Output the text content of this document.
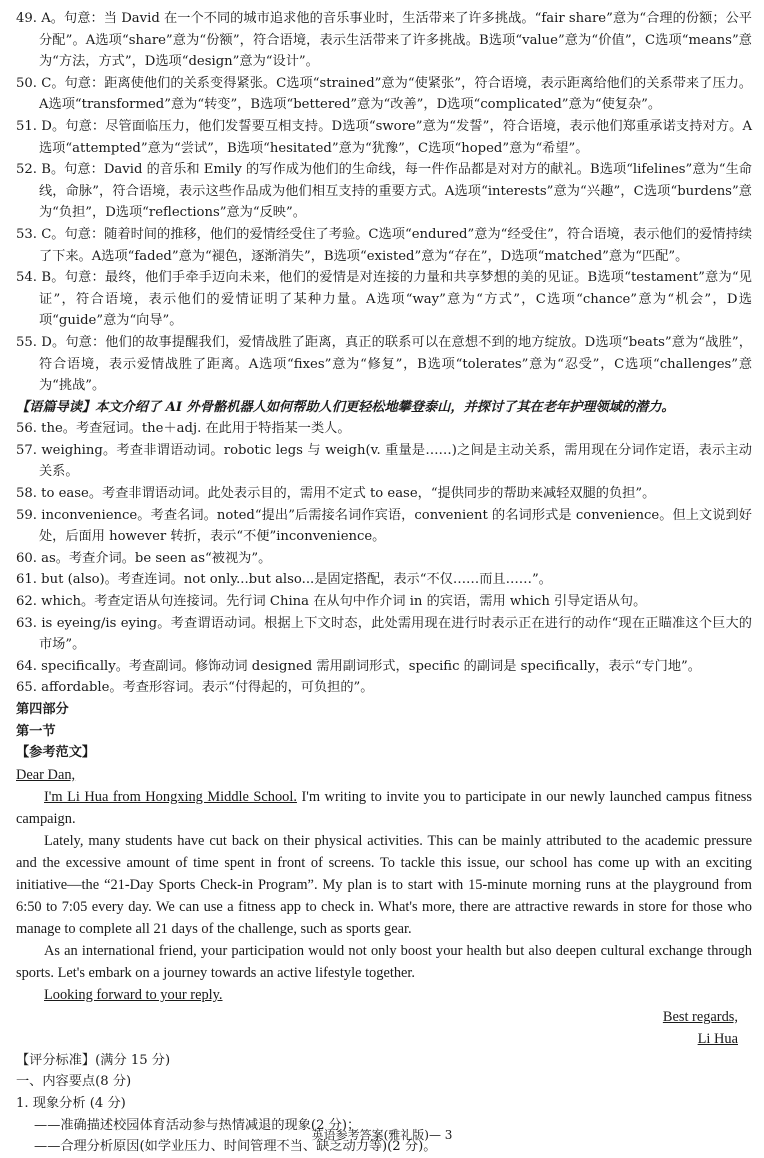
49. A。句意：当 David 在一个不同的城市追求他的音乐事业时，生活带来了许多挑战。“fair share”意为“合理的份额；公平分配”。A选项“share”意为“份额”，符合语境，表示生活带来了许多挑战。B选项“value”意为“价值”，C选项“means”意为“方法，方式”，D选项“design”意为“设计”。

50. C。句意：距离使他们的关系变得紧张。C选项“strained”意为“使紧张”，符合语境，表示距离给他们的关系带来了压力。A选项“transformed”意为“转变”，B选项“bettered”意为“改善”，D选项“complicated”意为“使复杂”。

51. D。句意：尽管面临压力，他们发誓要互相支持。D选项“swore”意为“发誓”，符合语境，表示他们郑重承诺支持对方。A选项“attempted”意为“尝试”，B选项“hesitated”意为“犹豫”，C选项“hoped”意为“希望”。

52. B。句意：David 的音乐和 Emily 的写作成为他们的生命线，每一件作品都是对对方的献礼。B选项“lifelines”意为“生命线，命脉”，符合语境，表示这些作品成为他们相互支持的重要方式。A选项“interests”意为“兴趣”，C选项“burdens”意为“负担”，D选项“reflections”意为“反映”。

53. C。句意：随着时间的推移，他们的爱情经受住了考验。C选项“endured”意为“经受住”，符合语境，表示他们的爱情持续了下来。A选项“faded”意为“褪色，逐渐消失”，B选项“existed”意为“存在”，D选项“matched”意为“匹配”。

54. B。句意：最终，他们手牵手迈向未来，他们的爱情是对连接的力量和共享梦想的美的见证。B选项“testament”意为“见证”，符合语境，表示他们的爱情证明了某种力量。A选项“way”意为“方式”，C选项“chance”意为“机会”，D选项“guide”意为“向导”。

55. D。句意：他们的故事提醒我们，爱情战胜了距离，真正的联系可以在意想不到的地方绽放。D选项“beats”意为“战胜”，符合语境，表示爱情战胜了距离。A选项“fixes”意为“修复”，B选项“tolerates”意为“忍受”，C选项“challenges”意为“挑战”。

【语篇导读】本文介绍了 AI 外骨骼机器人如何帮助人们更轻松地攀登泰山，并探讨了其在老年护理领域的潜力。

56. the。考查冠词。the＋adj. 在此用于特指某一类人。

57. weighing。考查非谓语动词。robotic legs 与 weigh(v. 重量是……)之间是主动关系，需用现在分词作定语，表示主动关系。

58. to ease。考查非谓语动词。此处表示目的，需用不定式 to ease，“提供同步的帮助来减轻双腿的负担”。

59. inconvenience。考查名词。noted“提出”后需接名词作宾语，convenient 的名词形式是 convenience。但上文说到好处，后面用 however 转折，表示“不便”inconvenience。

60. as。考查介词。be seen as“被视为”。

61. but (also)。考查连词。not only...but also...是固定搭配，表示“不仅……而且……”。

62. which。考查定语从句连接词。先行词 China 在从句中作介词 in 的宾语，需用 which 引导定语从句。

63. is eyeing/is eying。考查谓语动词。根据上下文时态，此处需用现在进行时表示正在进行的动作“现在正瞄准这个巨大的市场”。

64. specifically。考查副词。修饰动词 designed 需用副词形式，specific 的副词是 specifically，表示“专门地”。

65. affordable。考查形容词。表示“付得起的，可负担的”。

第四部分

第一节

【参考范文】

Dear Dan,

I'm Li Hua from Hongxing Middle School. I'm writing to invite you to participate in our newly launched campus fitness campaign.

Lately, many students have cut back on their physical activities. This can be mainly attributed to the academic pressure and the excessive amount of time spent in front of screens. To tackle this issue, our school has come up with an exciting initiative—the “21-Day Sports Check-in Program”. My plan is to start with 15-minute morning runs at the playground from 6:50 to 7:05 every day. We can use a fitness app to check in. What's more, there are attractive rewards in store for those who manage to complete all 21 days of the challenge, such as sports gear.

As an international friend, your participation would not only boost your health but also deepen cultural exchange through sports. Let's embark on a journey towards an active lifestyle together.

Looking forward to your reply.

Best regards,

Li Hua

【评分标准】(满分 15 分)

一、内容要点(8 分)

1. 现象分析 (4 分)

——准确描述校园体育活动参与热情减退的现象(2 分)；

——合理分析原因(如学业压力、时间管理不当、缺乏动力等)(2 分)。

英语参考答案(雅礼版)— 3
